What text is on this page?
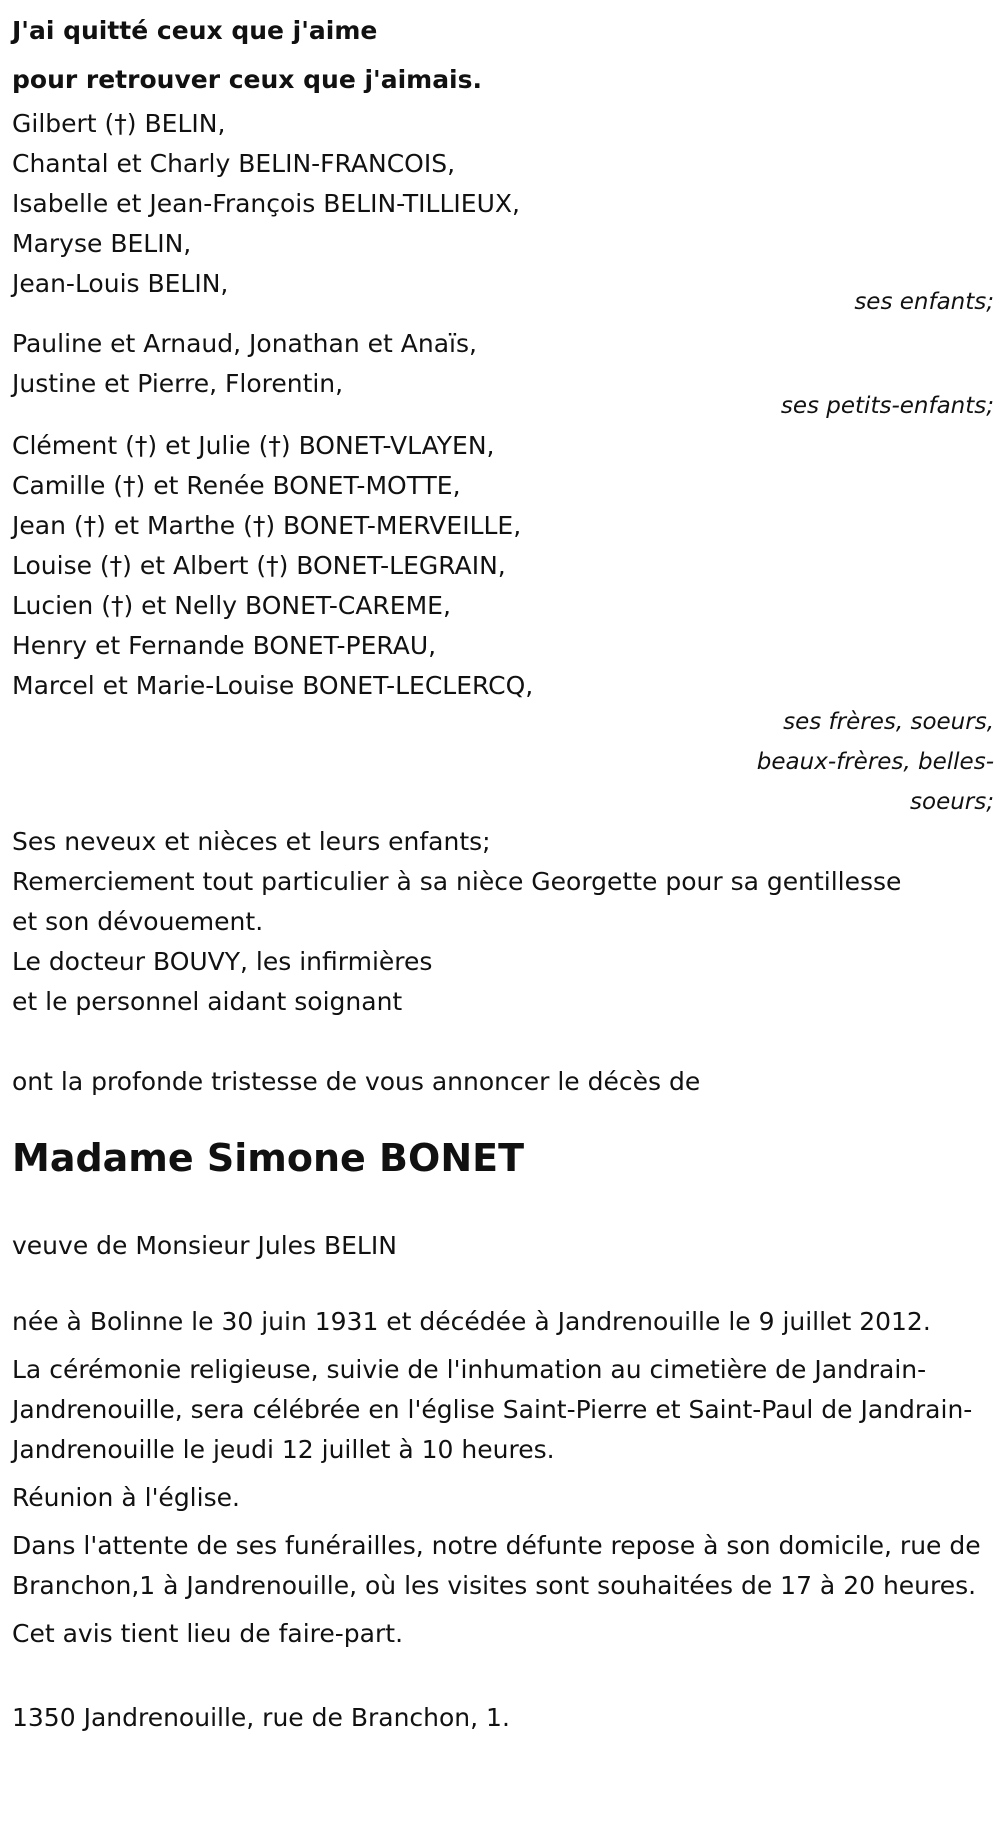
J'ai quitté ceux que j'aime
pour retrouver ceux que j'aimais.
Gilbert (†) BELIN,
Chantal et Charly BELIN-FRANCOIS,
Isabelle et Jean-François BELIN-TILLIEUX,
Maryse BELIN,
Jean-Louis BELIN,
ses enfants;
Pauline et Arnaud, Jonathan et Anaïs,
Justine et Pierre, Florentin,
ses petits-enfants;
Clément (†) et Julie (†) BONET-VLAYEN,
Camille (†) et Renée BONET-MOTTE,
Jean (†) et Marthe (†) BONET-MERVEILLE,
Louise (†) et Albert (†) BONET-LEGRAIN,
Lucien (†) et Nelly BONET-CAREME,
Henry et Fernande BONET-PERAU,
Marcel et Marie-Louise BONET-LECLERCQ,
ses frères, soeurs,
beaux-frères, belles-
soeurs;
Ses neveux et nièces et leurs enfants;
Remerciement tout particulier à sa nièce Georgette pour sa gentillesse
et son dévouement.
Le docteur BOUVY, les infirmières
et le personnel aidant soignant
ont la profonde tristesse de vous annoncer le décès de
Madame Simone BONET
veuve de Monsieur Jules BELIN

née à Bolinne le 30 juin 1931 et décédée à Jandrenouille le 9 juillet 2012.

La cérémonie religieuse, suivie de l'inhumation au cimetière de Jandrain-Jandrenouille, sera célébrée en l'église Saint-Pierre et Saint-Paul de Jandrain-Jandrenouille le jeudi 12 juillet à 10 heures.

Réunion à l'église.

Dans l'attente de ses funérailles, notre défunte repose à son domicile, rue de Branchon,1 à Jandrenouille, où les visites sont souhaitées de 17 à 20 heures.

Cet avis tient lieu de faire-part.

1350 Jandrenouille, rue de Branchon, 1.
